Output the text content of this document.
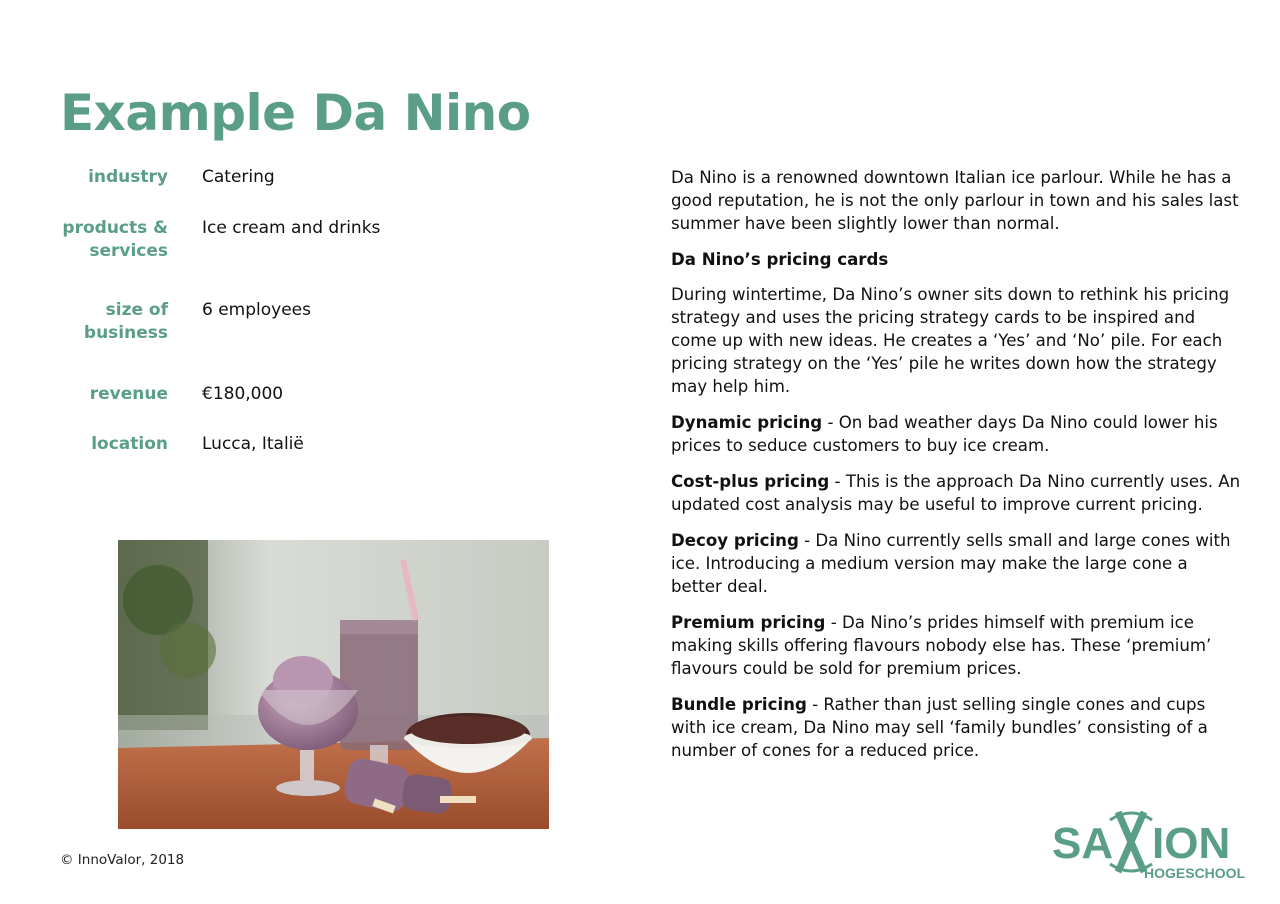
Example Da Nino
industry Catering
products & services
Ice cream and drinks
size of business
6 employees
revenue €180,000
location Lucca, Italië

Da Nino is a renowned downtown Italian ice parlour. While he has a good reputation, he is not the only parlour in town and his sales last summer have been slightly lower than normal.

Da Nino’s pricing cards

During wintertime, Da Nino’s owner sits down to rethink his pricing strategy and uses the pricing strategy cards to be inspired and come up with new ideas. He creates a ‘Yes’ and ‘No’ pile. For each pricing strategy on the ‘Yes’ pile he writes down how the strategy may help him.

Dynamic pricing - On bad weather days Da Nino could lower his prices to seduce customers to buy ice cream.

Cost-plus pricing - This is the approach Da Nino currently uses. An updated cost analysis may be useful to improve current pricing.

Decoy pricing - Da Nino currently sells small and large cones with ice. Introducing a medium version may make the large cone a better deal.

Premium pricing - Da Nino’s prides himself with premium ice making skills offering flavours nobody else has. These ‘premium’ flavours could be sold for premium prices.

Bundle pricing - Rather than just selling single cones and cups with ice cream, Da Nino may sell ‘family bundles’ consisting of a number of cones for a reduced price.

© InnoValor, 2018	SA ION
HOGESCHOOL
